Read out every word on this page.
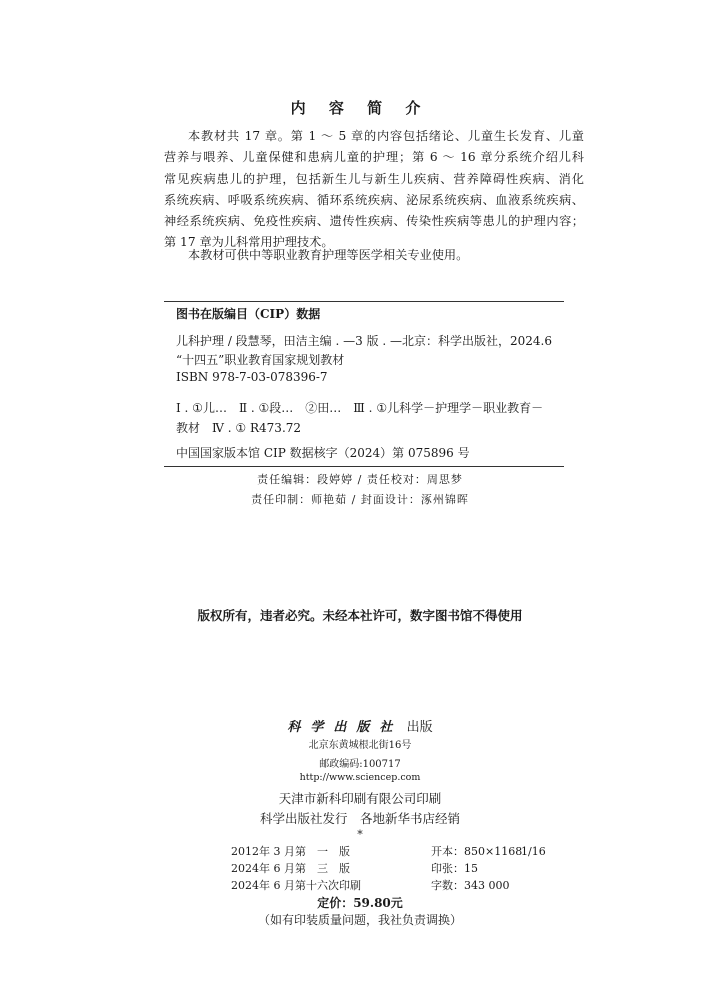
内 容 简 介
本教材共 17 章。第 1 ～ 5 章的内容包括绪论、儿童生长发育、儿童
营养与喂养、儿童保健和患病儿童的护理；第 6 ～ 16 章分系统介绍儿科
常见疾病患儿的护理，包括新生儿与新生儿疾病、营养障碍性疾病、消化
系统疾病、呼吸系统疾病、循环系统疾病、泌尿系统疾病、血液系统疾病、
神经系统疾病、免疫性疾病、遗传性疾病、传染性疾病等患儿的护理内容；
第 17 章为儿科常用护理技术。
本教材可供中等职业教育护理等医学相关专业使用。
图书在版编目（CIP）数据
儿科护理 / 段慧琴，田洁主编 . —3 版 . —北京：科学出版社，2024.6
“十四五”职业教育国家规划教材
ISBN 978-7-03-078396-7
Ⅰ . ①儿…　Ⅱ . ①段…　②田…　Ⅲ . ①儿科学－护理学－职业教育－
教材　Ⅳ . ① R473.72
中国国家版本馆 CIP 数据核字（2024）第 075896 号
责任编辑：段婷婷 / 责任校对：周思梦
责任印制：师艳茹 / 封面设计：涿州锦晖
版权所有，违者必究。未经本社许可，数字图书馆不得使用
科学出版社 出版
北京东黄城根北街16号
邮政编码:100717
http://www.sciencep.com
天津市新科印刷有限公司印刷
科学出版社发行　各地新华书店经销
*
2012年 3 月第　一　版	开本：850×11681/16
2024年 6 月第　三　版	印张：15
2024年 6 月第十六次印刷	字数：343 000
定价：59.80元
（如有印装质量问题，我社负责调换）
